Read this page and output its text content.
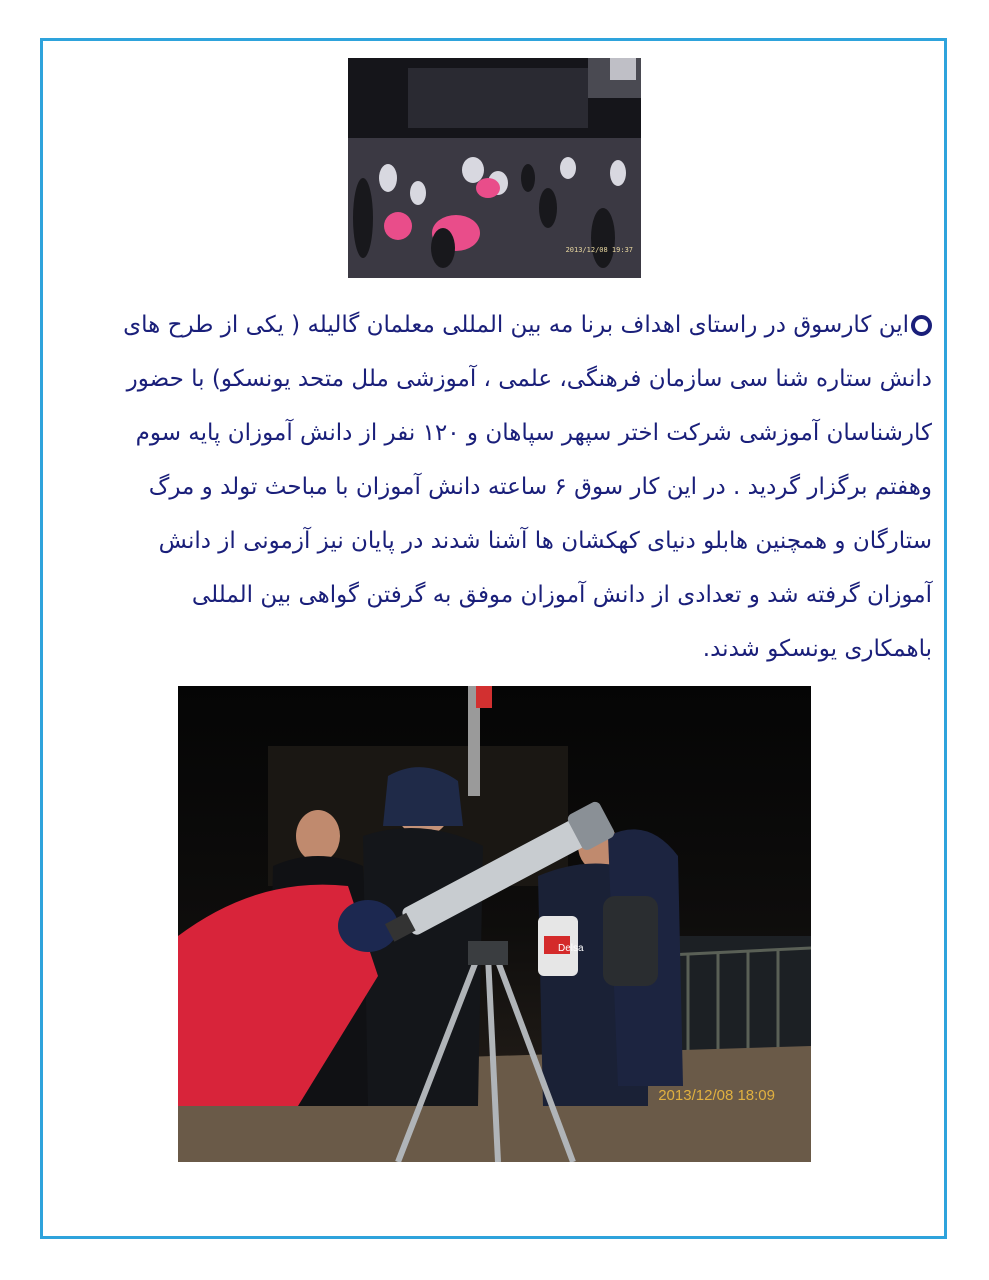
2013/12/08 19:37
این کارسوق در راستای اهداف برنا مه بین المللی معلمان گالیله ( یکی از طرح های
دانش ستاره شنا سی سازمان فرهنگی، علمی ، آموزشی ملل متحد یونسکو) با حضور
کارشناسان آموزشی شرکت اختر سپهر سپاهان و ۱۲۰ نفر از دانش آموزان پایه سوم
وهفتم برگزار گردید . در این کار سوق ۶ ساعته دانش آموزان با مباحث تولد و مرگ
ستارگان و همچنین هابلو دنیای کهکشان ها آشنا شدند در پایان نیز آزمونی از دانش
آموزان گرفته شد و تعدادی از دانش آموزان موفق به گرفتن گواهی بین المللی
باهمکاری یونسکو شدند.
Delsa
2013/12/08 18:09
